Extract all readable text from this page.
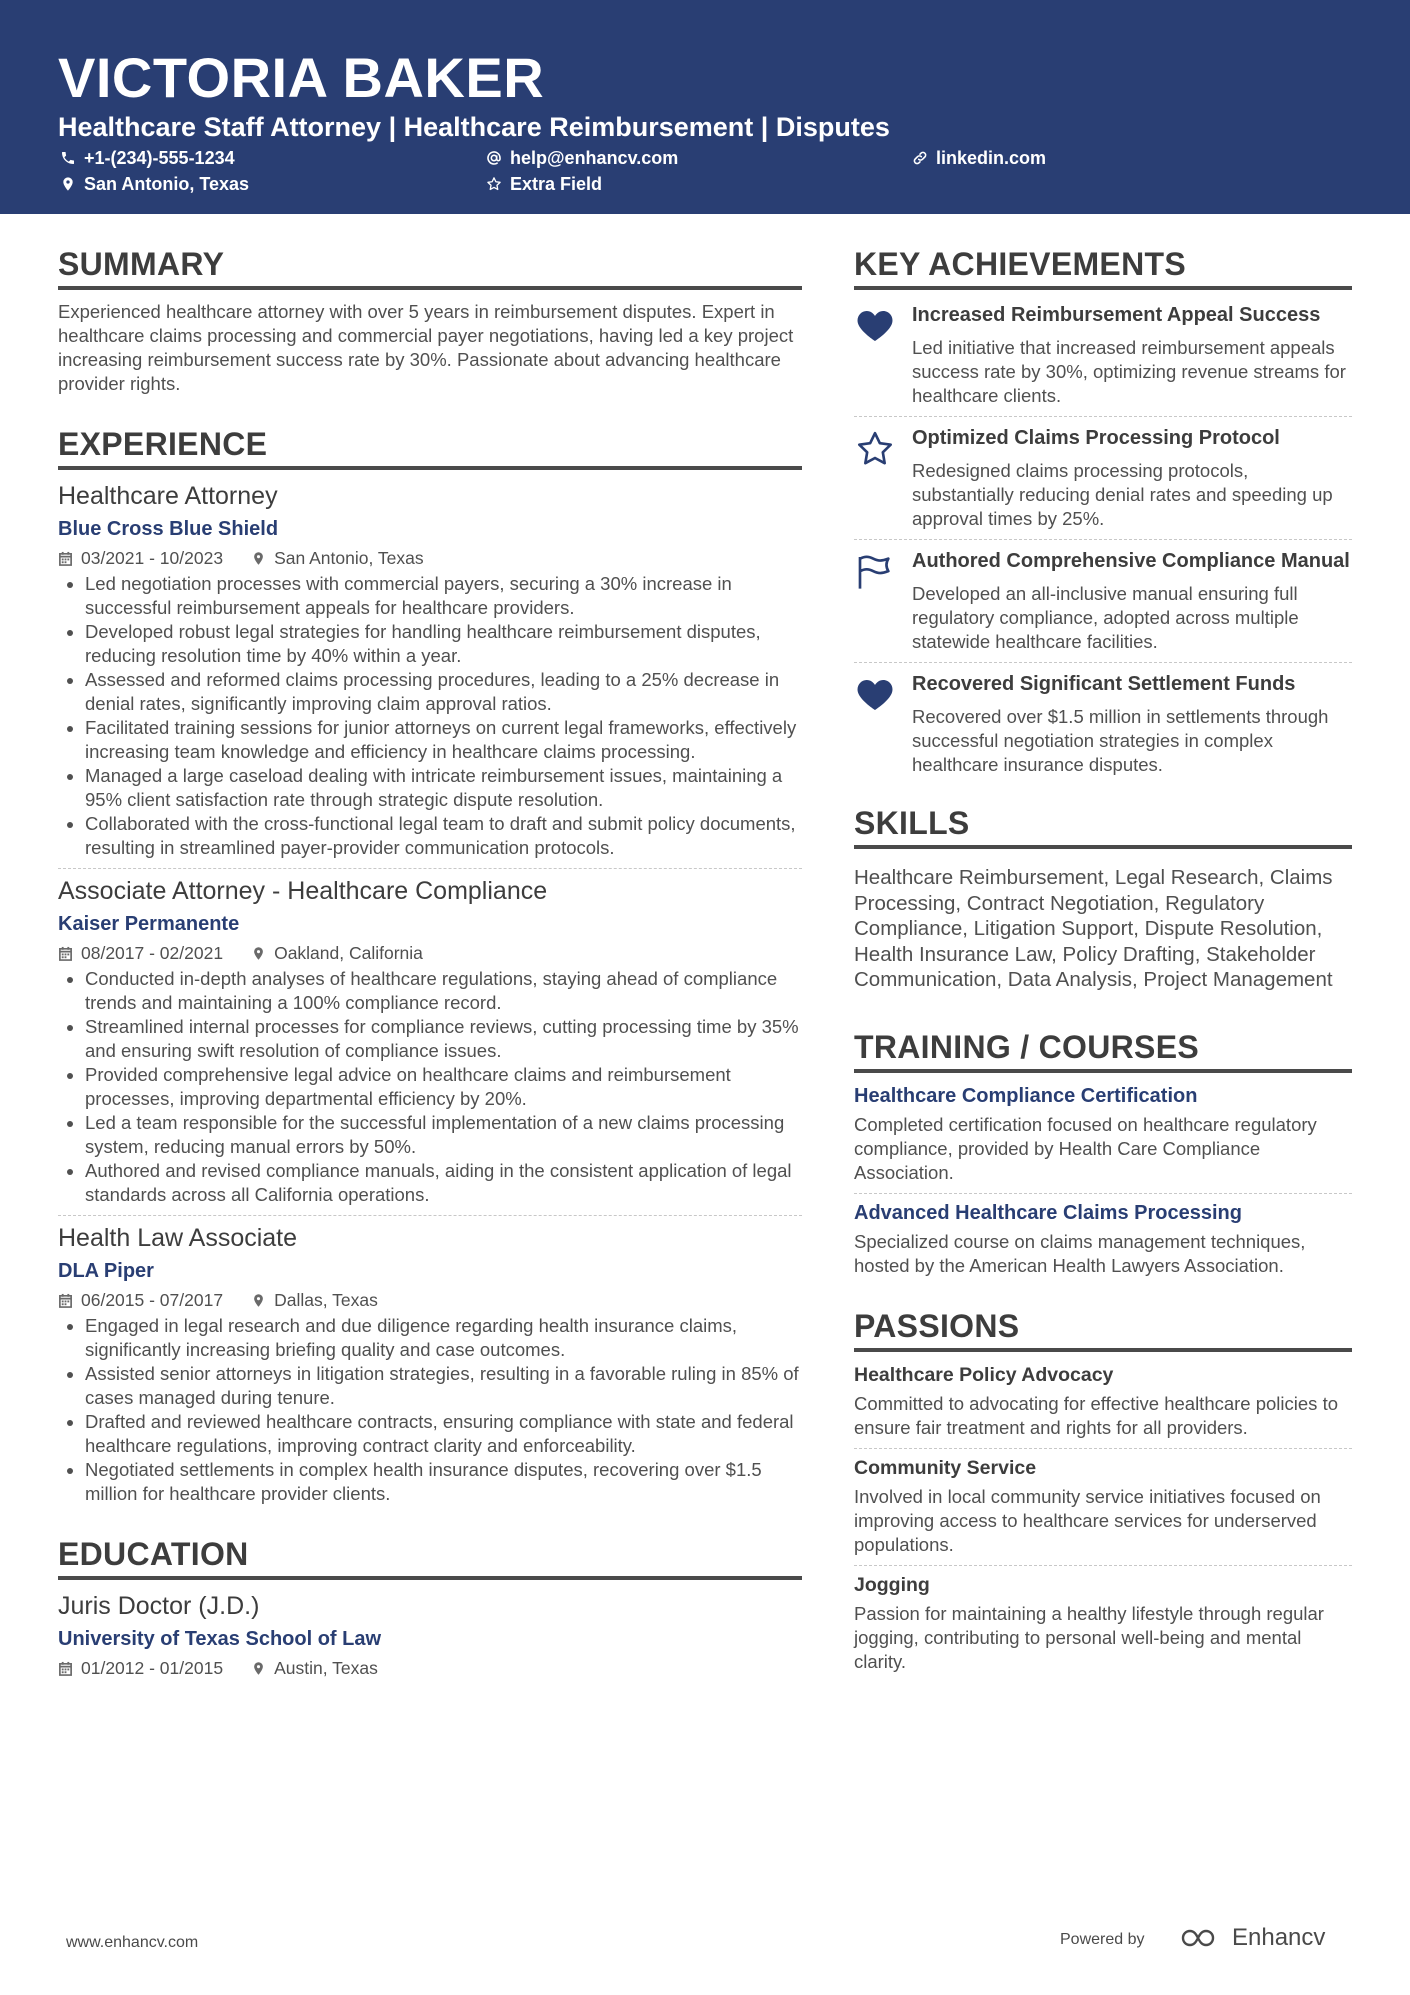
VICTORIA BAKER
Healthcare Staff Attorney | Healthcare Reimbursement | Disputes
+1-(234)-555-1234	help@enhancv.com	linkedin.com
San Antonio, Texas	Extra Field
SUMMARY
Experienced healthcare attorney with over 5 years in reimbursement disputes. Expert in healthcare claims processing and commercial payer negotiations, having led a key project increasing reimbursement success rate by 30%. Passionate about advancing healthcare provider rights.
EXPERIENCE
Healthcare Attorney
Blue Cross Blue Shield
03/2021 - 10/2023	San Antonio, Texas
• Led negotiation processes with commercial payers, securing a 30% increase in successful reimbursement appeals for healthcare providers.
• Developed robust legal strategies for handling healthcare reimbursement disputes, reducing resolution time by 40% within a year.
• Assessed and reformed claims processing procedures, leading to a 25% decrease in denial rates, significantly improving claim approval ratios.
• Facilitated training sessions for junior attorneys on current legal frameworks, effectively increasing team knowledge and efficiency in healthcare claims processing.
• Managed a large caseload dealing with intricate reimbursement issues, maintaining a 95% client satisfaction rate through strategic dispute resolution.
• Collaborated with the cross-functional legal team to draft and submit policy documents, resulting in streamlined payer-provider communication protocols.
Associate Attorney - Healthcare Compliance
Kaiser Permanente
08/2017 - 02/2021	Oakland, California
• Conducted in-depth analyses of healthcare regulations, staying ahead of compliance trends and maintaining a 100% compliance record.
• Streamlined internal processes for compliance reviews, cutting processing time by 35% and ensuring swift resolution of compliance issues.
• Provided comprehensive legal advice on healthcare claims and reimbursement processes, improving departmental efficiency by 20%.
• Led a team responsible for the successful implementation of a new claims processing system, reducing manual errors by 50%.
• Authored and revised compliance manuals, aiding in the consistent application of legal standards across all California operations.
Health Law Associate
DLA Piper
06/2015 - 07/2017	Dallas, Texas
• Engaged in legal research and due diligence regarding health insurance claims, significantly increasing briefing quality and case outcomes.
• Assisted senior attorneys in litigation strategies, resulting in a favorable ruling in 85% of cases managed during tenure.
• Drafted and reviewed healthcare contracts, ensuring compliance with state and federal healthcare regulations, improving contract clarity and enforceability.
• Negotiated settlements in complex health insurance disputes, recovering over $1.5 million for healthcare provider clients.
EDUCATION
Juris Doctor (J.D.)
University of Texas School of Law
01/2012 - 01/2015	Austin, Texas
KEY ACHIEVEMENTS
Increased Reimbursement Appeal Success
Led initiative that increased reimbursement appeals success rate by 30%, optimizing revenue streams for healthcare clients.
Optimized Claims Processing Protocol
Redesigned claims processing protocols, substantially reducing denial rates and speeding up approval times by 25%.
Authored Comprehensive Compliance Manual
Developed an all-inclusive manual ensuring full regulatory compliance, adopted across multiple statewide healthcare facilities.
Recovered Significant Settlement Funds
Recovered over $1.5 million in settlements through successful negotiation strategies in complex healthcare insurance disputes.
SKILLS
Healthcare Reimbursement, Legal Research, Claims Processing, Contract Negotiation, Regulatory Compliance, Litigation Support, Dispute Resolution, Health Insurance Law, Policy Drafting, Stakeholder Communication, Data Analysis, Project Management
TRAINING / COURSES
Healthcare Compliance Certification
Completed certification focused on healthcare regulatory compliance, provided by Health Care Compliance Association.
Advanced Healthcare Claims Processing
Specialized course on claims management techniques, hosted by the American Health Lawyers Association.
PASSIONS
Healthcare Policy Advocacy
Committed to advocating for effective healthcare policies to ensure fair treatment and rights for all providers.
Community Service
Involved in local community service initiatives focused on improving access to healthcare services for underserved populations.
Jogging
Passion for maintaining a healthy lifestyle through regular jogging, contributing to personal well-being and mental clarity.
www.enhancv.com	Powered by	Enhancv
